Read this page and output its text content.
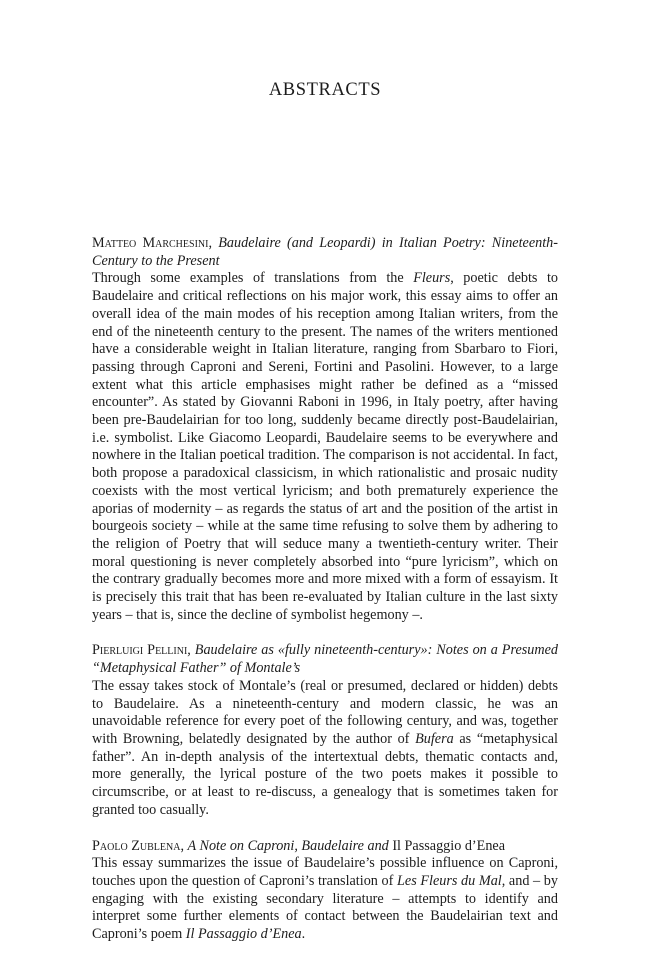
ABSTRACTS

Matteo Marchesini, Baudelaire (and Leopardi) in Italian Poetry: Nineteenth-Century to the Present

Through some examples of translations from the Fleurs, poetic debts to Baudelaire and critical reflections on his major work, this essay aims to offer an overall idea of the main modes of his reception among Italian writers, from the end of the nineteenth century to the present. The names of the writers mentioned have a considerable weight in Italian literature, ranging from Sbarbaro to Fiori, passing through Caproni and Sereni, Fortini and Pasolini. However, to a large extent what this article emphasises might rather be defined as a “missed encounter”. As stated by Giovanni Raboni in 1996, in Italy poetry, after having been pre-Baudelairian for too long, suddenly became directly post-Baudelairian, i.e. symbolist. Like Giacomo Leopardi, Baudelaire seems to be everywhere and nowhere in the Italian poetical tradition. The comparison is not accidental. In fact, both propose a paradoxical classicism, in which rationalistic and prosaic nudity coexists with the most vertical lyricism; and both prematurely experience the aporias of modernity – as regards the status of art and the position of the artist in bourgeois society – while at the same time refusing to solve them by adhering to the religion of Poetry that will seduce many a twentieth-century writer. Their moral questioning is never completely absorbed into “pure lyricism”, which on the contrary gradually becomes more and more mixed with a form of essayism. It is precisely this trait that has been re-evaluated by Italian culture in the last sixty years – that is, since the decline of symbolist hegemony –.

Pierluigi Pellini, Baudelaire as «fully nineteenth-century»: Notes on a Presumed “Metaphysical Father” of Montale’s

The essay takes stock of Montale’s (real or presumed, declared or hidden) debts to Baudelaire. As a nineteenth-century and modern classic, he was an unavoidable reference for every poet of the following century, and was, together with Browning, belatedly designated by the author of Bufera as “metaphysical father”. An in-depth analysis of the intertextual debts, thematic contacts and, more generally, the lyrical posture of the two poets makes it possible to circumscribe, or at least to re-discuss, a genealogy that is sometimes taken for granted too casually.

Paolo Zublena, A Note on Caproni, Baudelaire and Il Passaggio d’Enea

This essay summarizes the issue of Baudelaire’s possible influence on Caproni, touches upon the question of Caproni’s translation of Les Fleurs du Mal, and – by engaging with the existing secondary literature – attempts to identify and interpret some further elements of contact between the Baudelairian text and Caproni’s poem Il Passaggio d’Enea.
